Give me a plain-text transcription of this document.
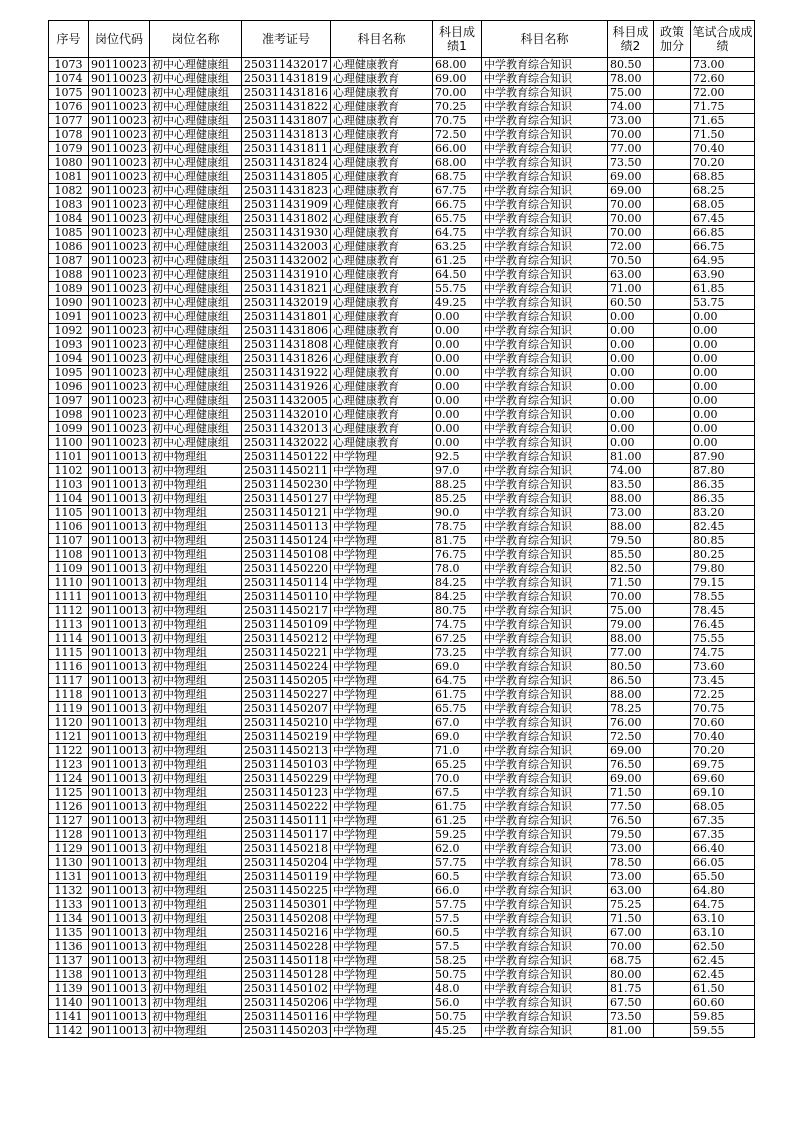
序号	岗位代码	岗位名称	准考证号	科目名称	科目成绩1	科目名称	科目成绩2	政策加分	笔试合成成绩
1073	90110023	初中心理健康组	250311432017	心理健康教育	68.00	中学教育综合知识	80.50		73.00
1074	90110023	初中心理健康组	250311431819	心理健康教育	69.00	中学教育综合知识	78.00		72.60
1075	90110023	初中心理健康组	250311431816	心理健康教育	70.00	中学教育综合知识	75.00		72.00
1076	90110023	初中心理健康组	250311431822	心理健康教育	70.25	中学教育综合知识	74.00		71.75
1077	90110023	初中心理健康组	250311431807	心理健康教育	70.75	中学教育综合知识	73.00		71.65
1078	90110023	初中心理健康组	250311431813	心理健康教育	72.50	中学教育综合知识	70.00		71.50
1079	90110023	初中心理健康组	250311431811	心理健康教育	66.00	中学教育综合知识	77.00		70.40
1080	90110023	初中心理健康组	250311431824	心理健康教育	68.00	中学教育综合知识	73.50		70.20
1081	90110023	初中心理健康组	250311431805	心理健康教育	68.75	中学教育综合知识	69.00		68.85
1082	90110023	初中心理健康组	250311431823	心理健康教育	67.75	中学教育综合知识	69.00		68.25
1083	90110023	初中心理健康组	250311431909	心理健康教育	66.75	中学教育综合知识	70.00		68.05
1084	90110023	初中心理健康组	250311431802	心理健康教育	65.75	中学教育综合知识	70.00		67.45
1085	90110023	初中心理健康组	250311431930	心理健康教育	64.75	中学教育综合知识	70.00		66.85
1086	90110023	初中心理健康组	250311432003	心理健康教育	63.25	中学教育综合知识	72.00		66.75
1087	90110023	初中心理健康组	250311432002	心理健康教育	61.25	中学教育综合知识	70.50		64.95
1088	90110023	初中心理健康组	250311431910	心理健康教育	64.50	中学教育综合知识	63.00		63.90
1089	90110023	初中心理健康组	250311431821	心理健康教育	55.75	中学教育综合知识	71.00		61.85
1090	90110023	初中心理健康组	250311432019	心理健康教育	49.25	中学教育综合知识	60.50		53.75
1091	90110023	初中心理健康组	250311431801	心理健康教育	0.00	中学教育综合知识	0.00		0.00
1092	90110023	初中心理健康组	250311431806	心理健康教育	0.00	中学教育综合知识	0.00		0.00
1093	90110023	初中心理健康组	250311431808	心理健康教育	0.00	中学教育综合知识	0.00		0.00
1094	90110023	初中心理健康组	250311431826	心理健康教育	0.00	中学教育综合知识	0.00		0.00
1095	90110023	初中心理健康组	250311431922	心理健康教育	0.00	中学教育综合知识	0.00		0.00
1096	90110023	初中心理健康组	250311431926	心理健康教育	0.00	中学教育综合知识	0.00		0.00
1097	90110023	初中心理健康组	250311432005	心理健康教育	0.00	中学教育综合知识	0.00		0.00
1098	90110023	初中心理健康组	250311432010	心理健康教育	0.00	中学教育综合知识	0.00		0.00
1099	90110023	初中心理健康组	250311432013	心理健康教育	0.00	中学教育综合知识	0.00		0.00
1100	90110023	初中心理健康组	250311432022	心理健康教育	0.00	中学教育综合知识	0.00		0.00
1101	90110013	初中物理组	250311450122	中学物理	92.5	中学教育综合知识	81.00		87.90
1102	90110013	初中物理组	250311450211	中学物理	97.0	中学教育综合知识	74.00		87.80
1103	90110013	初中物理组	250311450230	中学物理	88.25	中学教育综合知识	83.50		86.35
1104	90110013	初中物理组	250311450127	中学物理	85.25	中学教育综合知识	88.00		86.35
1105	90110013	初中物理组	250311450121	中学物理	90.0	中学教育综合知识	73.00		83.20
1106	90110013	初中物理组	250311450113	中学物理	78.75	中学教育综合知识	88.00		82.45
1107	90110013	初中物理组	250311450124	中学物理	81.75	中学教育综合知识	79.50		80.85
1108	90110013	初中物理组	250311450108	中学物理	76.75	中学教育综合知识	85.50		80.25
1109	90110013	初中物理组	250311450220	中学物理	78.0	中学教育综合知识	82.50		79.80
1110	90110013	初中物理组	250311450114	中学物理	84.25	中学教育综合知识	71.50		79.15
1111	90110013	初中物理组	250311450110	中学物理	84.25	中学教育综合知识	70.00		78.55
1112	90110013	初中物理组	250311450217	中学物理	80.75	中学教育综合知识	75.00		78.45
1113	90110013	初中物理组	250311450109	中学物理	74.75	中学教育综合知识	79.00		76.45
1114	90110013	初中物理组	250311450212	中学物理	67.25	中学教育综合知识	88.00		75.55
1115	90110013	初中物理组	250311450221	中学物理	73.25	中学教育综合知识	77.00		74.75
1116	90110013	初中物理组	250311450224	中学物理	69.0	中学教育综合知识	80.50		73.60
1117	90110013	初中物理组	250311450205	中学物理	64.75	中学教育综合知识	86.50		73.45
1118	90110013	初中物理组	250311450227	中学物理	61.75	中学教育综合知识	88.00		72.25
1119	90110013	初中物理组	250311450207	中学物理	65.75	中学教育综合知识	78.25		70.75
1120	90110013	初中物理组	250311450210	中学物理	67.0	中学教育综合知识	76.00		70.60
1121	90110013	初中物理组	250311450219	中学物理	69.0	中学教育综合知识	72.50		70.40
1122	90110013	初中物理组	250311450213	中学物理	71.0	中学教育综合知识	69.00		70.20
1123	90110013	初中物理组	250311450103	中学物理	65.25	中学教育综合知识	76.50		69.75
1124	90110013	初中物理组	250311450229	中学物理	70.0	中学教育综合知识	69.00		69.60
1125	90110013	初中物理组	250311450123	中学物理	67.5	中学教育综合知识	71.50		69.10
1126	90110013	初中物理组	250311450222	中学物理	61.75	中学教育综合知识	77.50		68.05
1127	90110013	初中物理组	250311450111	中学物理	61.25	中学教育综合知识	76.50		67.35
1128	90110013	初中物理组	250311450117	中学物理	59.25	中学教育综合知识	79.50		67.35
1129	90110013	初中物理组	250311450218	中学物理	62.0	中学教育综合知识	73.00		66.40
1130	90110013	初中物理组	250311450204	中学物理	57.75	中学教育综合知识	78.50		66.05
1131	90110013	初中物理组	250311450119	中学物理	60.5	中学教育综合知识	73.00		65.50
1132	90110013	初中物理组	250311450225	中学物理	66.0	中学教育综合知识	63.00		64.80
1133	90110013	初中物理组	250311450301	中学物理	57.75	中学教育综合知识	75.25		64.75
1134	90110013	初中物理组	250311450208	中学物理	57.5	中学教育综合知识	71.50		63.10
1135	90110013	初中物理组	250311450216	中学物理	60.5	中学教育综合知识	67.00		63.10
1136	90110013	初中物理组	250311450228	中学物理	57.5	中学教育综合知识	70.00		62.50
1137	90110013	初中物理组	250311450118	中学物理	58.25	中学教育综合知识	68.75		62.45
1138	90110013	初中物理组	250311450128	中学物理	50.75	中学教育综合知识	80.00		62.45
1139	90110013	初中物理组	250311450102	中学物理	48.0	中学教育综合知识	81.75		61.50
1140	90110013	初中物理组	250311450206	中学物理	56.0	中学教育综合知识	67.50		60.60
1141	90110013	初中物理组	250311450116	中学物理	50.75	中学教育综合知识	73.50		59.85
1142	90110013	初中物理组	250311450203	中学物理	45.25	中学教育综合知识	81.00		59.55
